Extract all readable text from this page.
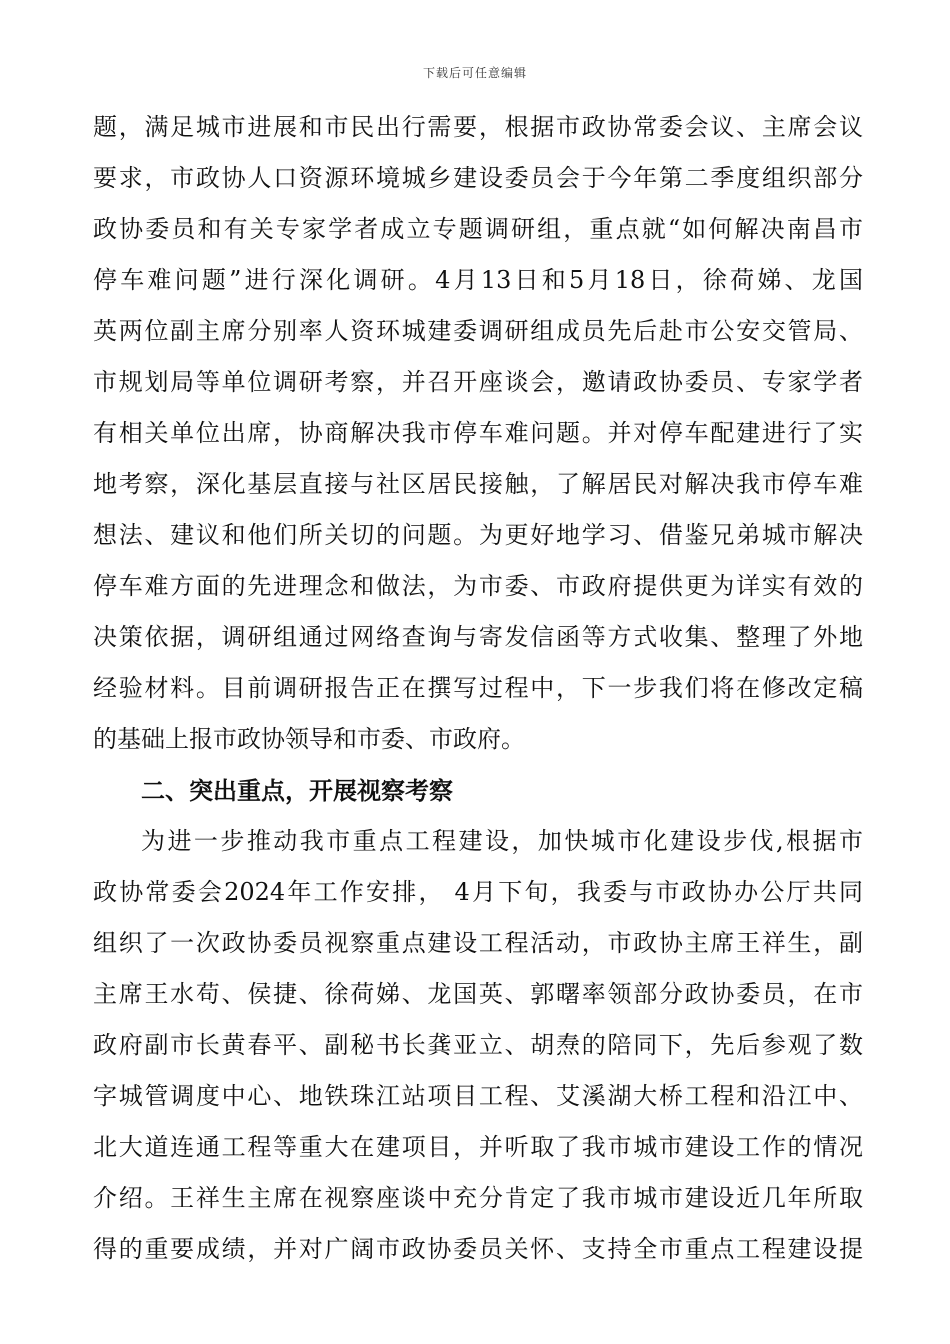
下载后可任意编辑
题，满足城市进展和市民出行需要，根据市政协常委会议、主席会议
要求，市政协人口资源环境城乡建设委员会于今年第二季度组织部分
政协委员和有关专家学者成立专题调研组，重点就“如何解决南昌市
停车难问题”进行深化调研。4月13日和5月18日，徐荷娣、龙国
英两位副主席分别率人资环城建委调研组成员先后赴市公安交管局、
市规划局等单位调研考察，并召开座谈会，邀请政协委员、专家学者
有相关单位出席，协商解决我市停车难问题。并对停车配建进行了实
地考察，深化基层直接与社区居民接触，了解居民对解决我市停车难
想法、建议和他们所关切的问题。为更好地学习、借鉴兄弟城市解决
停车难方面的先进理念和做法，为市委、市政府提供更为详实有效的
决策依据，调研组通过网络查询与寄发信函等方式收集、整理了外地
经验材料。目前调研报告正在撰写过程中，下一步我们将在修改定稿
的基础上报市政协领导和市委、市政府。
二、突出重点，开展视察考察
为进一步推动我市重点工程建设，加快城市化建设步伐,根据市
政协常委会2024年工作安排， 4月下旬，我委与市政协办公厅共同
组织了一次政协委员视察重点建设工程活动，市政协主席王祥生，副
主席王水苟、侯捷、徐荷娣、龙国英、郭曙率领部分政协委员，在市
政府副市长黄春平、副秘书长龚亚立、胡焘的陪同下，先后参观了数
字城管调度中心、地铁珠江站项目工程、艾溪湖大桥工程和沿江中、
北大道连通工程等重大在建项目，并听取了我市城市建设工作的情况
介绍。王祥生主席在视察座谈中充分肯定了我市城市建设近几年所取
得的重要成绩，并对广阔市政协委员关怀、支持全市重点工程建设提
